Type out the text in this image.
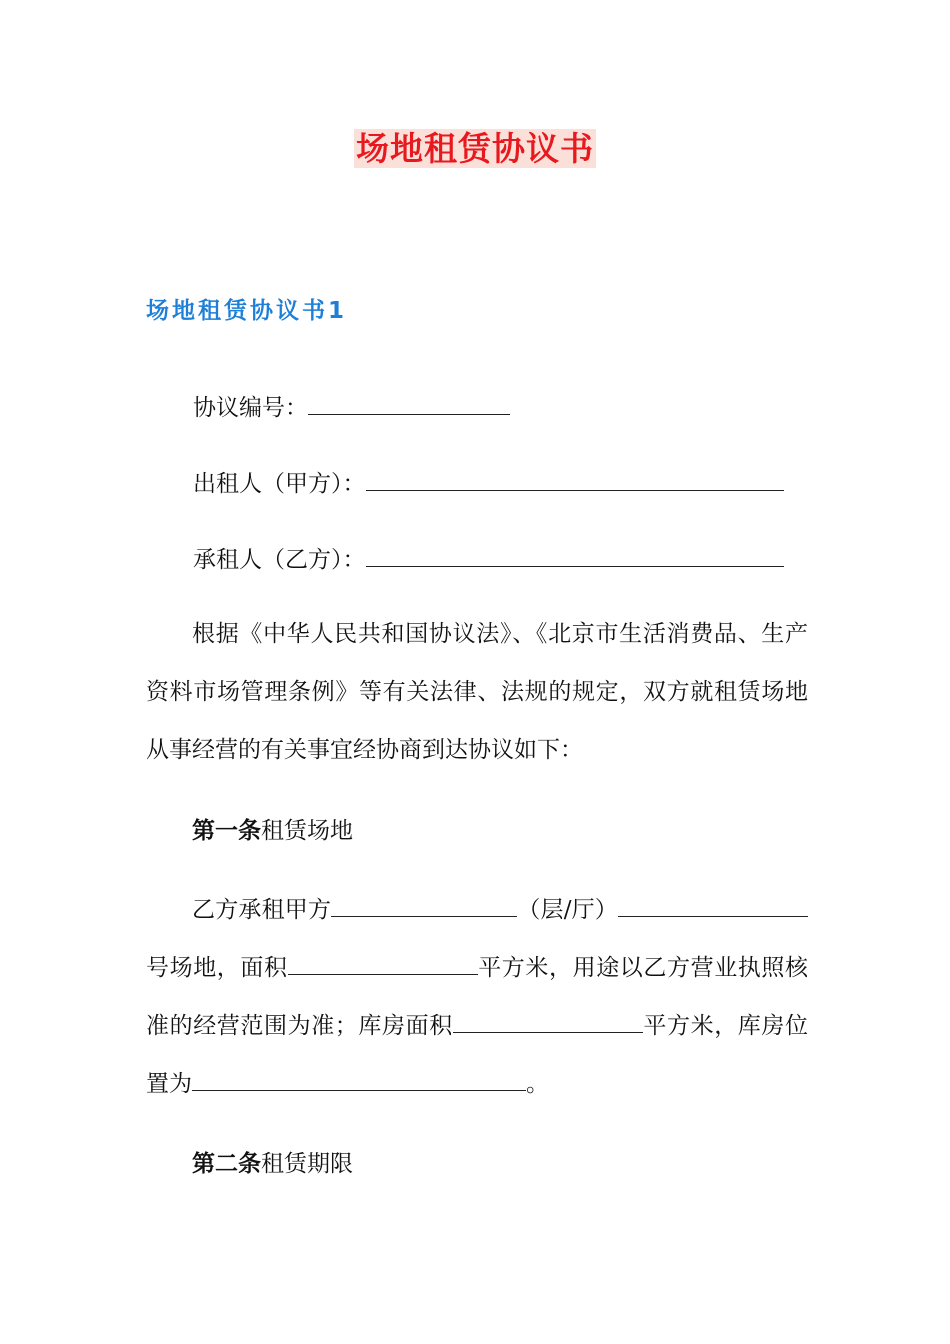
场地租赁协议书
场地租赁协议书1
协议编号：
出租人（甲方）：
承租人（乙方）：
根据《中华人民共和国协议法》、《北京市生活消费品、生产资料市场管理条例》等有关法律、法规的规定，双方就租赁场地从事经营的有关事宜经协商到达协议如下：
第一条租赁场地
乙方承租甲方	（层/厅）号场地，面积	平方米，用途以乙方营业执照核准的经营范围为准；库房面积	平方米，库房位置为	。
第二条租赁期限
